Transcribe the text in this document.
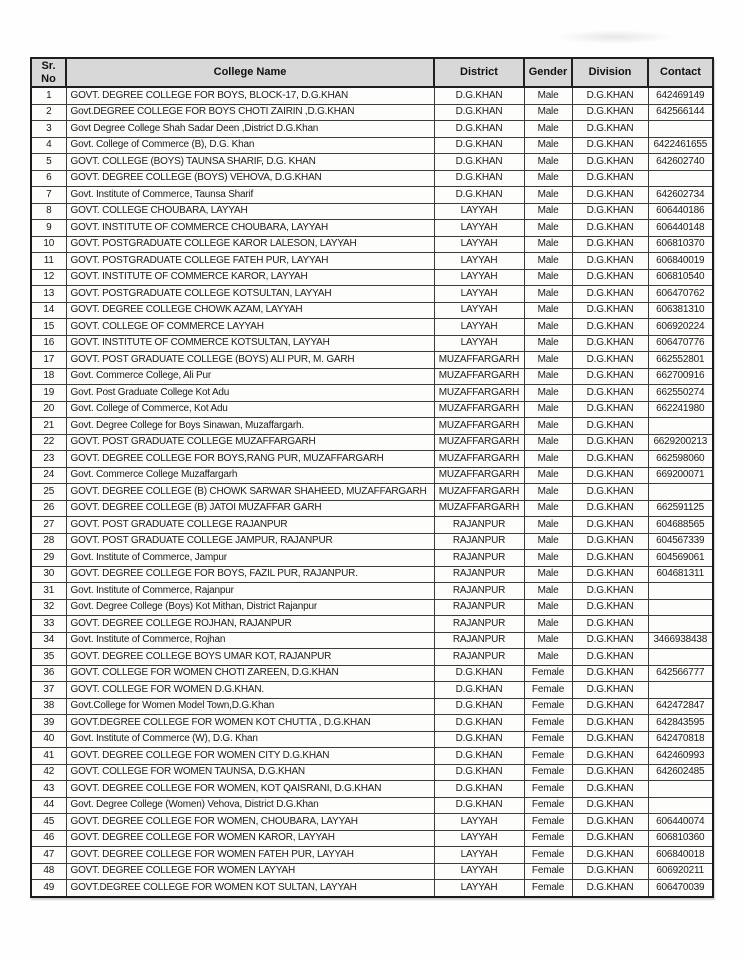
Sr. No	College Name	District	Gender	Division	Contact
1	GOVT. DEGREE COLLEGE FOR BOYS, BLOCK-17, D.G.KHAN	D.G.KHAN	Male	D.G.KHAN	642469149
2	Govt.DEGREE COLLEGE FOR BOYS CHOTI ZAIRIN ,D.G.KHAN	D.G.KHAN	Male	D.G.KHAN	642566144
3	Govt Degree College Shah Sadar Deen ,District D.G.Khan	D.G.KHAN	Male	D.G.KHAN	
4	Govt. College of Commerce (B), D.G. Khan	D.G.KHAN	Male	D.G.KHAN	6422461655
5	GOVT. COLLEGE (BOYS) TAUNSA SHARIF, D.G. KHAN	D.G.KHAN	Male	D.G.KHAN	642602740
6	GOVT. DEGREE COLLEGE (BOYS) VEHOVA, D.G.KHAN	D.G.KHAN	Male	D.G.KHAN	
7	Govt. Institute of Commerce, Taunsa Sharif	D.G.KHAN	Male	D.G.KHAN	642602734
8	GOVT. COLLEGE CHOUBARA, LAYYAH	LAYYAH	Male	D.G.KHAN	606440186
9	GOVT. INSTITUTE OF COMMERCE CHOUBARA, LAYYAH	LAYYAH	Male	D.G.KHAN	606440148
10	GOVT. POSTGRADUATE COLLEGE KAROR LALESON, LAYYAH	LAYYAH	Male	D.G.KHAN	606810370
11	GOVT. POSTGRADUATE COLLEGE FATEH PUR, LAYYAH	LAYYAH	Male	D.G.KHAN	606840019
12	GOVT. INSTITUTE OF COMMERCE KAROR, LAYYAH	LAYYAH	Male	D.G.KHAN	606810540
13	GOVT. POSTGRADUATE COLLEGE KOTSULTAN, LAYYAH	LAYYAH	Male	D.G.KHAN	606470762
14	GOVT. DEGREE COLLEGE CHOWK AZAM, LAYYAH	LAYYAH	Male	D.G.KHAN	606381310
15	GOVT. COLLEGE OF COMMERCE LAYYAH	LAYYAH	Male	D.G.KHAN	606920224
16	GOVT. INSTITUTE OF COMMERCE KOTSULTAN, LAYYAH	LAYYAH	Male	D.G.KHAN	606470776
17	GOVT. POST GRADUATE COLLEGE (BOYS) ALI PUR, M. GARH	MUZAFFARGARH	Male	D.G.KHAN	662552801
18	Govt. Commerce College, Ali Pur	MUZAFFARGARH	Male	D.G.KHAN	662700916
19	Govt. Post Graduate College Kot Adu	MUZAFFARGARH	Male	D.G.KHAN	662550274
20	Govt. College of Commerce, Kot Adu	MUZAFFARGARH	Male	D.G.KHAN	662241980
21	Govt. Degree College for Boys Sinawan, Muzaffargarh.	MUZAFFARGARH	Male	D.G.KHAN	
22	GOVT. POST GRADUATE COLLEGE MUZAFFARGARH	MUZAFFARGARH	Male	D.G.KHAN	6629200213
23	GOVT. DEGREE COLLEGE FOR BOYS,RANG PUR, MUZAFFARGARH	MUZAFFARGARH	Male	D.G.KHAN	662598060
24	Govt. Commerce College Muzaffargarh	MUZAFFARGARH	Male	D.G.KHAN	669200071
25	GOVT. DEGREE COLLEGE (B) CHOWK SARWAR SHAHEED, MUZAFFARGARH	MUZAFFARGARH	Male	D.G.KHAN	
26	GOVT. DEGREE COLLEGE (B) JATOI MUZAFFAR GARH	MUZAFFARGARH	Male	D.G.KHAN	662591125
27	GOVT. POST GRADUATE COLLEGE RAJANPUR	RAJANPUR	Male	D.G.KHAN	604688565
28	GOVT. POST GRADUATE COLLEGE JAMPUR, RAJANPUR	RAJANPUR	Male	D.G.KHAN	604567339
29	Govt. Institute of Commerce, Jampur	RAJANPUR	Male	D.G.KHAN	604569061
30	GOVT. DEGREE COLLEGE FOR BOYS, FAZIL PUR, RAJANPUR.	RAJANPUR	Male	D.G.KHAN	604681311
31	Govt. Institute of Commerce, Rajanpur	RAJANPUR	Male	D.G.KHAN	
32	Govt. Degree College (Boys) Kot Mithan, District Rajanpur	RAJANPUR	Male	D.G.KHAN	
33	GOVT. DEGREE COLLEGE ROJHAN, RAJANPUR	RAJANPUR	Male	D.G.KHAN	
34	Govt. Institute of Commerce, Rojhan	RAJANPUR	Male	D.G.KHAN	3466938438
35	GOVT. DEGREE COLLEGE BOYS UMAR KOT, RAJANPUR	RAJANPUR	Male	D.G.KHAN	
36	GOVT. COLLEGE FOR WOMEN CHOTI ZAREEN, D.G.KHAN	D.G.KHAN	Female	D.G.KHAN	642566777
37	GOVT. COLLEGE FOR WOMEN D.G.KHAN.	D.G.KHAN	Female	D.G.KHAN	
38	Govt.College for Women Model Town,D.G.Khan	D.G.KHAN	Female	D.G.KHAN	642472847
39	GOVT.DEGREE COLLEGE FOR WOMEN KOT CHUTTA , D.G.KHAN	D.G.KHAN	Female	D.G.KHAN	642843595
40	Govt. Institute of Commerce (W), D.G. Khan	D.G.KHAN	Female	D.G.KHAN	642470818
41	GOVT. DEGREE COLLEGE FOR WOMEN CITY D.G.KHAN	D.G.KHAN	Female	D.G.KHAN	642460993
42	GOVT. COLLEGE FOR WOMEN TAUNSA, D.G.KHAN	D.G.KHAN	Female	D.G.KHAN	642602485
43	GOVT. DEGREE COLLEGE FOR WOMEN, KOT QAISRANI, D.G.KHAN	D.G.KHAN	Female	D.G.KHAN	
44	Govt. Degree College (Women) Vehova, District D.G.Khan	D.G.KHAN	Female	D.G.KHAN	
45	GOVT. DEGREE COLLEGE FOR WOMEN, CHOUBARA, LAYYAH	LAYYAH	Female	D.G.KHAN	606440074
46	GOVT. DEGREE COLLEGE FOR WOMEN KAROR, LAYYAH	LAYYAH	Female	D.G.KHAN	606810360
47	GOVT. DEGREE COLLEGE FOR WOMEN FATEH PUR, LAYYAH	LAYYAH	Female	D.G.KHAN	606840018
48	GOVT. DEGREE COLLEGE FOR WOMEN LAYYAH	LAYYAH	Female	D.G.KHAN	606920211
49	GOVT.DEGREE COLLEGE FOR WOMEN KOT SULTAN, LAYYAH	LAYYAH	Female	D.G.KHAN	606470039
